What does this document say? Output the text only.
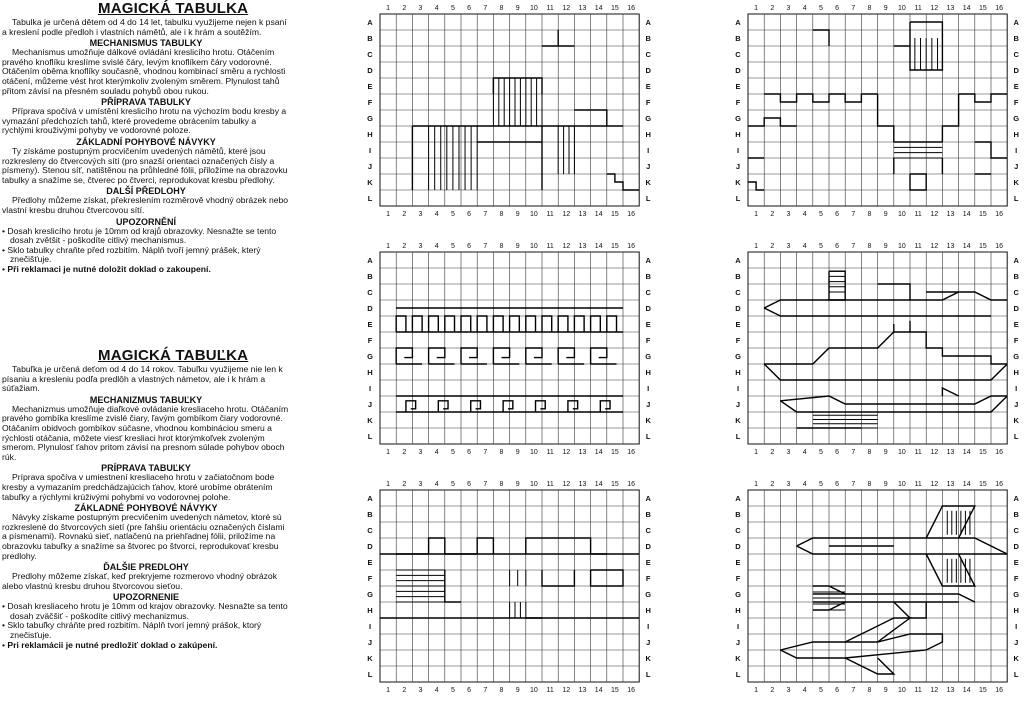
MAGICKÁ TABULKA

Tabulka je určená dětem od 4 do 14 let, tabulku využijeme nejen k psaní a kreslení podle předloh i vlastních námětů, ale i k hrám a soutěžím.

MECHANISMUS TABULKY

Mechanismus umožňuje dálkové ovládání kreslicího hrotu. Otáčením pravého knoflíku kreslíme svislé čáry, levým knoflíkem čáry vodorovné. Otáčením oběma knoflíky současně, vhodnou kombinací směru a rychlosti otáčení, můžeme vést hrot kterýmkoliv zvoleným směrem. Plynulost tahů přitom závisí na přesném souladu pohybů obou rukou.

PŘÍPRAVA TABULKY

Příprava spočívá v umístění kreslicího hrotu na výchozím bodu kresby a vymazání předchozích tahů, které provedeme obrácením tabulky a rychlými krouživými pohyby ve vodorovné poloze.

ZÁKLADNÍ POHYBOVÉ NÁVYKY

Ty získáme postupným procvičením uvedených námětů, které jsou rozkresleny do čtvercových sítí (pro snazší orientaci označených čísly a písmeny). Stenou síť, natištěnou na průhledné fólii, přiložíme na obrazovku tabulky a snažíme se, čtverec po čtverci, reprodukovat kresbu předlohy.

DALŠÍ PŘEDLOHY

Předlohy můžeme získat, překreslením rozměrově vhodný obrázek nebo vlastní kresbu druhou čtvercovou sítí.

UPOZORNĚNÍ

• Dosah kreslicího hrotu je 10mm od krajů obrazovky. Nesnažte se tento dosah zvětšit - poškodíte citlivý mechanismus.

• Sklo tabulky chraňte před rozbitím. Náplň tvoří jemný prášek, který znečišťuje.

• Při reklamaci je nutné doložit doklad o zakoupení.

MAGICKÁ TABUĽKA

Tabuľka je určená deťom od 4 do 14 rokov. Tabuľku využijeme nie len k písaniu a kresleniu podľa predlôh a vlastných námetov, ale i k hrám a súťažiam.

MECHANIZMUS TABUĽKY

Mechanizmus umožňuje diaľkové ovládanie kresliaceho hrotu. Otáčaním pravého gombíka kreslíme zvislé čiary, ľavým gombíkom čiary vodorovné. Otáčaním obidvoch gombíkov súčasne, vhodnou kombináciou smeru a rýchlosti otáčania, môžete viesť kresliaci hrot ktorýmkoľvek zvoleným smerom. Plynulosť ťahov pritom závisí na presnom súlade pohybov oboch rúk.

PRÍPRAVA TABUĽKY

Príprava spočíva v umiestnení kresliaceho hrotu v začiatočnom bode kresby a vymazaním predchádzajúcich ťahov, ktoré urobíme obrátením tabuľky a rýchlymi krúživými pohybmi vo vodorovnej polohe.

ZÁKLADNÉ POHYBOVÉ NÁVYKY

Návyky získame postupným precvičením uvedených námetov, ktoré sú rozkreslené do štvorcových sietí (pre ľahšiu orientáciu označených číslami a písmenami). Rovnakú sieť, natlačenú na priehľadnej fólii, priložíme na obrazovku tabuľky a snažíme sa štvorec po štvorci, reprodukovať kresbu predlohy.

ĎALŠIE PREDLOHY

Predlohy môžeme získať, keď prekryjeme rozmerovo vhodný obrázok alebo vlastnú kresbu druhou štvorcovou sieťou.

UPOZORNENIE

• Dosah kresliaceho hrotu je 10mm od krajov obrazovky. Nesnažte sa tento dosah zväčšiť - poškodíte citlivý mechanizmus.

• Sklo tabuľky chráňte pred rozbitím. Náplň tvorí jemný prášok, ktorý znečisťuje.

• Pri reklamácii je nutné predložiť doklad o zakúpení.

1
1
2
2
3
3
4
4
5
5
6
6
7
7
8
8
9
9
10
10
11
11
12
12
13
13
14
14
15
15
16
16
A	A
B	B
C	C
D	D
E	E
F	F
G	G
H	H
I	I
J	J
K	K
L	L
1
1
2
2
3
3
4
4
5
5
6
6
7
7
8
8
9
9
10
10
11
11
12
12
13
13
14
14
15
15
16
16
A	A
B	B
C	C
D	D
E	E
F	F
G	G
H	H
I	I
J	J
K	K
L	L
1
1
2
2
3
3
4
4
5
5
6
6
7
7
8
8
9
9
10
10
11
11
12
12
13
13
14
14
15
15
16
16
A	A
B	B
C	C
D	D
E	E
F	F
G	G
H	H
I	I
J	J
K	K
L	L
1
1
2
2
3
3
4
4
5
5
6
6
7
7
8
8
9
9
10
10
11
11
12
12
13
13
14
14
15
15
16
16
A	A
B	B
C	C
D	D
E	E
F	F
G	G
H	H
I	I
J	J
K	K
L	L
1
1
2
2
3
3
4
4
5
5
6
6
7
7
8
8
9
9
10
10
11
11
12
12
13
13
14
14
15
15
16
16
A	A
B	B
C	C
D	D
E	E
F	F
G	G
H	H
I	I
J	J
K	K
L	L
1
1
2
2
3
3
4
4
5
5
6
6
7
7
8
8
9
9
10
10
11
11
12
12
13
13
14
14
15
15
16
16
A	A
B	B
C	C
D	D
E	E
F	F
G	G
H	H
I	I
J	J
K	K
L	L
